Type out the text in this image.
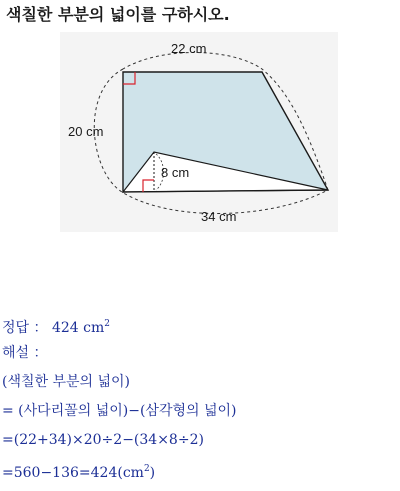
색칠한 부분의 넓이를 구하시오.
22 cm
20 cm
8 cm
34 cm
정답 ： 424 $cm^2$
해설 ：
(색칠한 부분의 넓이)
= (사다리꼴의 넓이)−(삼각형의 넓이)
=(22+34)×20÷2−(34×8÷2)
$=560-136=424(cm^2)$
